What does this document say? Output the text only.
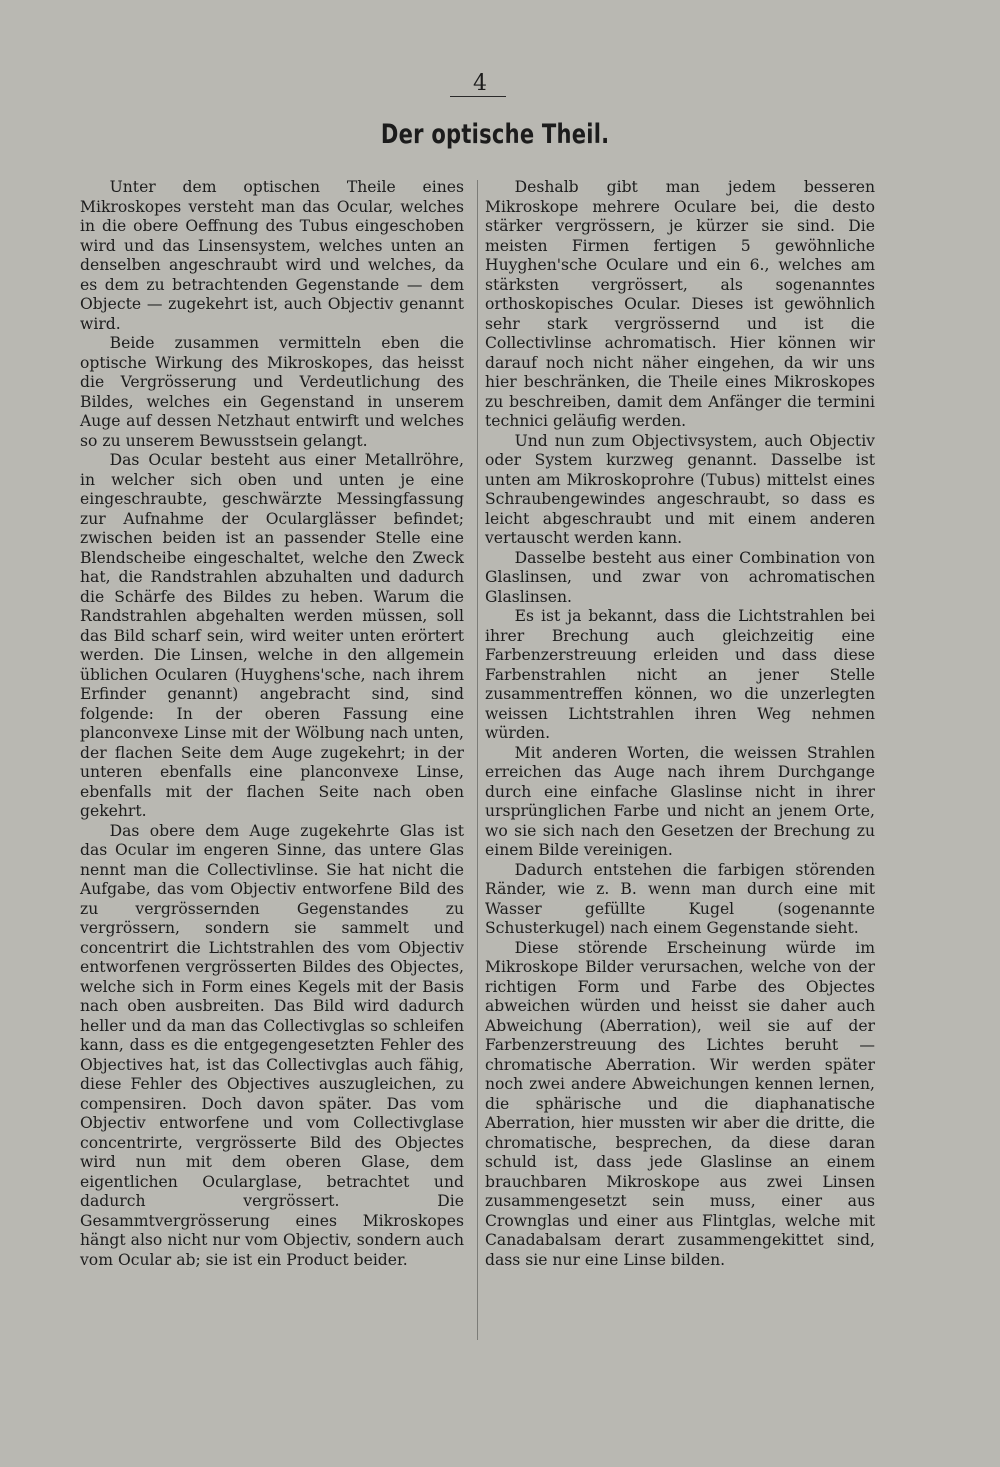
4
Der optische Theil.

Unter dem optischen Theile eines Mikroskopes versteht man das Ocular, welches in die obere Oeffnung des Tubus eingeschoben wird und das Linsensystem, welches unten an denselben angeschraubt wird und welches, da es dem zu betrachtenden Gegenstande — dem Objecte — zugekehrt ist, auch Objectiv genannt wird.

Beide zusammen vermitteln eben die optische Wirkung des Mikroskopes, das heisst die Vergrösserung und Verdeutlichung des Bildes, welches ein Gegenstand in unserem Auge auf dessen Netzhaut entwirft und welches so zu unserem Bewusstsein gelangt.

Das Ocular besteht aus einer Metallröhre, in welcher sich oben und unten je eine eingeschraubte, geschwärzte Messingfassung zur Aufnahme der Ocularglässer befindet; zwischen beiden ist an passender Stelle eine Blendscheibe eingeschaltet, welche den Zweck hat, die Randstrahlen abzuhalten und dadurch die Schärfe des Bildes zu heben. Warum die Randstrahlen abgehalten werden müssen, soll das Bild scharf sein, wird weiter unten erörtert werden. Die Linsen, welche in den allgemein üblichen Ocularen (Huyghens'sche, nach ihrem Erfinder genannt) angebracht sind, sind folgende: In der oberen Fassung eine planconvexe Linse mit der Wölbung nach unten, der flachen Seite dem Auge zugekehrt; in der unteren ebenfalls eine planconvexe Linse, ebenfalls mit der flachen Seite nach oben gekehrt.

Das obere dem Auge zugekehrte Glas ist das Ocular im engeren Sinne, das untere Glas nennt man die Collectivlinse. Sie hat nicht die Aufgabe, das vom Objectiv entworfene Bild des zu vergrössernden Gegenstandes zu vergrössern, sondern sie sammelt und concentrirt die Lichtstrahlen des vom Objectiv entworfenen vergrösserten Bildes des Objectes, welche sich in Form eines Kegels mit der Basis nach oben ausbreiten. Das Bild wird dadurch heller und da man das Collectivglas so schleifen kann, dass es die entgegengesetzten Fehler des Objectives hat, ist das Collectivglas auch fähig, diese Fehler des Objectives auszugleichen, zu compensiren. Doch davon später. Das vom Objectiv entworfene und vom Collectivglase concentrirte, vergrösserte Bild des Objectes wird nun mit dem oberen Glase, dem eigentlichen Ocularglase, betrachtet und dadurch vergrössert. Die Gesammtvergrösserung eines Mikroskopes hängt also nicht nur vom Objectiv, sondern auch vom Ocular ab; sie ist ein Product beider.

Deshalb gibt man jedem besseren Mikroskope mehrere Oculare bei, die desto stärker vergrössern, je kürzer sie sind. Die meisten Firmen fertigen 5 gewöhnliche Huyghen'sche Oculare und ein 6., welches am stärksten vergrössert, als sogenanntes orthoskopisches Ocular. Dieses ist gewöhnlich sehr stark vergrössernd und ist die Collectivlinse achromatisch. Hier können wir darauf noch nicht näher eingehen, da wir uns hier beschränken, die Theile eines Mikroskopes zu beschreiben, damit dem Anfänger die termini technici geläufig werden.

Und nun zum Objectivsystem, auch Objectiv oder System kurzweg genannt. Dasselbe ist unten am Mikroskoprohre (Tubus) mittelst eines Schraubengewindes angeschraubt, so dass es leicht abgeschraubt und mit einem anderen vertauscht werden kann.

Dasselbe besteht aus einer Combination von Glaslinsen, und zwar von achromatischen Glaslinsen.

Es ist ja bekannt, dass die Lichtstrahlen bei ihrer Brechung auch gleichzeitig eine Farbenzerstreuung erleiden und dass diese Farbenstrahlen nicht an jener Stelle zusammentreffen können, wo die unzerlegten weissen Lichtstrahlen ihren Weg nehmen würden.

Mit anderen Worten, die weissen Strahlen erreichen das Auge nach ihrem Durchgange durch eine einfache Glaslinse nicht in ihrer ursprünglichen Farbe und nicht an jenem Orte, wo sie sich nach den Gesetzen der Brechung zu einem Bilde vereinigen.

Dadurch entstehen die farbigen störenden Ränder, wie z. B. wenn man durch eine mit Wasser gefüllte Kugel (sogenannte Schusterkugel) nach einem Gegenstande sieht.

Diese störende Erscheinung würde im Mikroskope Bilder verursachen, welche von der richtigen Form und Farbe des Objectes abweichen würden und heisst sie daher auch Abweichung (Aberration), weil sie auf der Farbenzerstreuung des Lichtes beruht — chromatische Aberration. Wir werden später noch zwei andere Abweichungen kennen lernen, die sphärische und die diaphanatische Aberration, hier mussten wir aber die dritte, die chromatische, besprechen, da diese daran schuld ist, dass jede Glaslinse an einem brauchbaren Mikroskope aus zwei Linsen zusammengesetzt sein muss, einer aus Crownglas und einer aus Flintglas, welche mit Canadabalsam derart zusammengekittet sind, dass sie nur eine Linse bilden.
